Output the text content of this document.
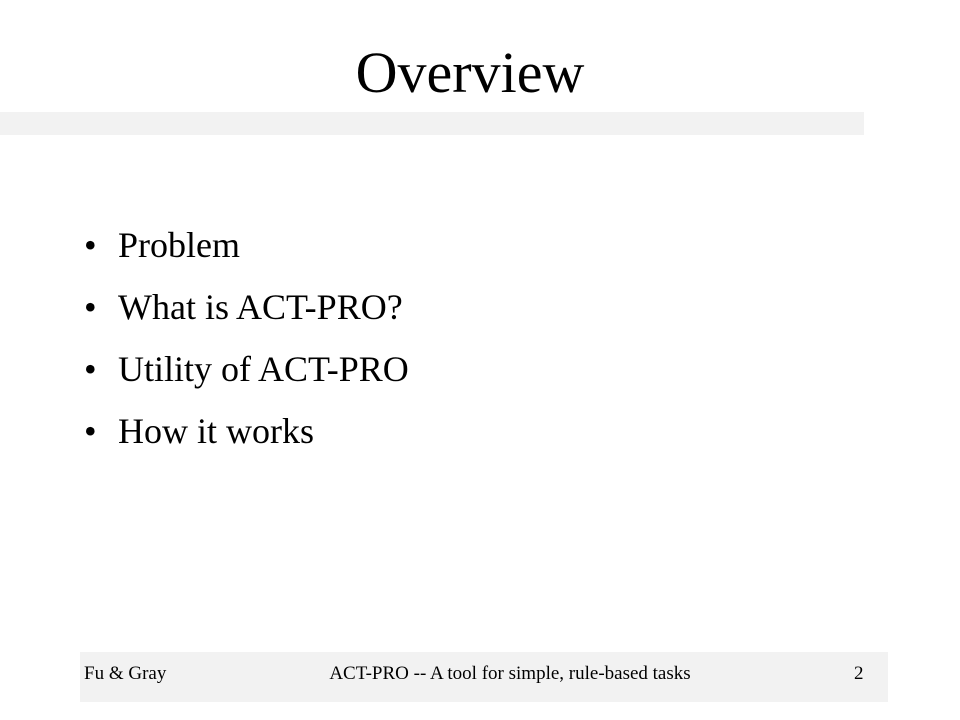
Overview
• Problem
• What is ACT-PRO?
• Utility of ACT-PRO
• How it works
Fu & Gray	ACT-PRO -- A tool for simple, rule-based tasks	2
